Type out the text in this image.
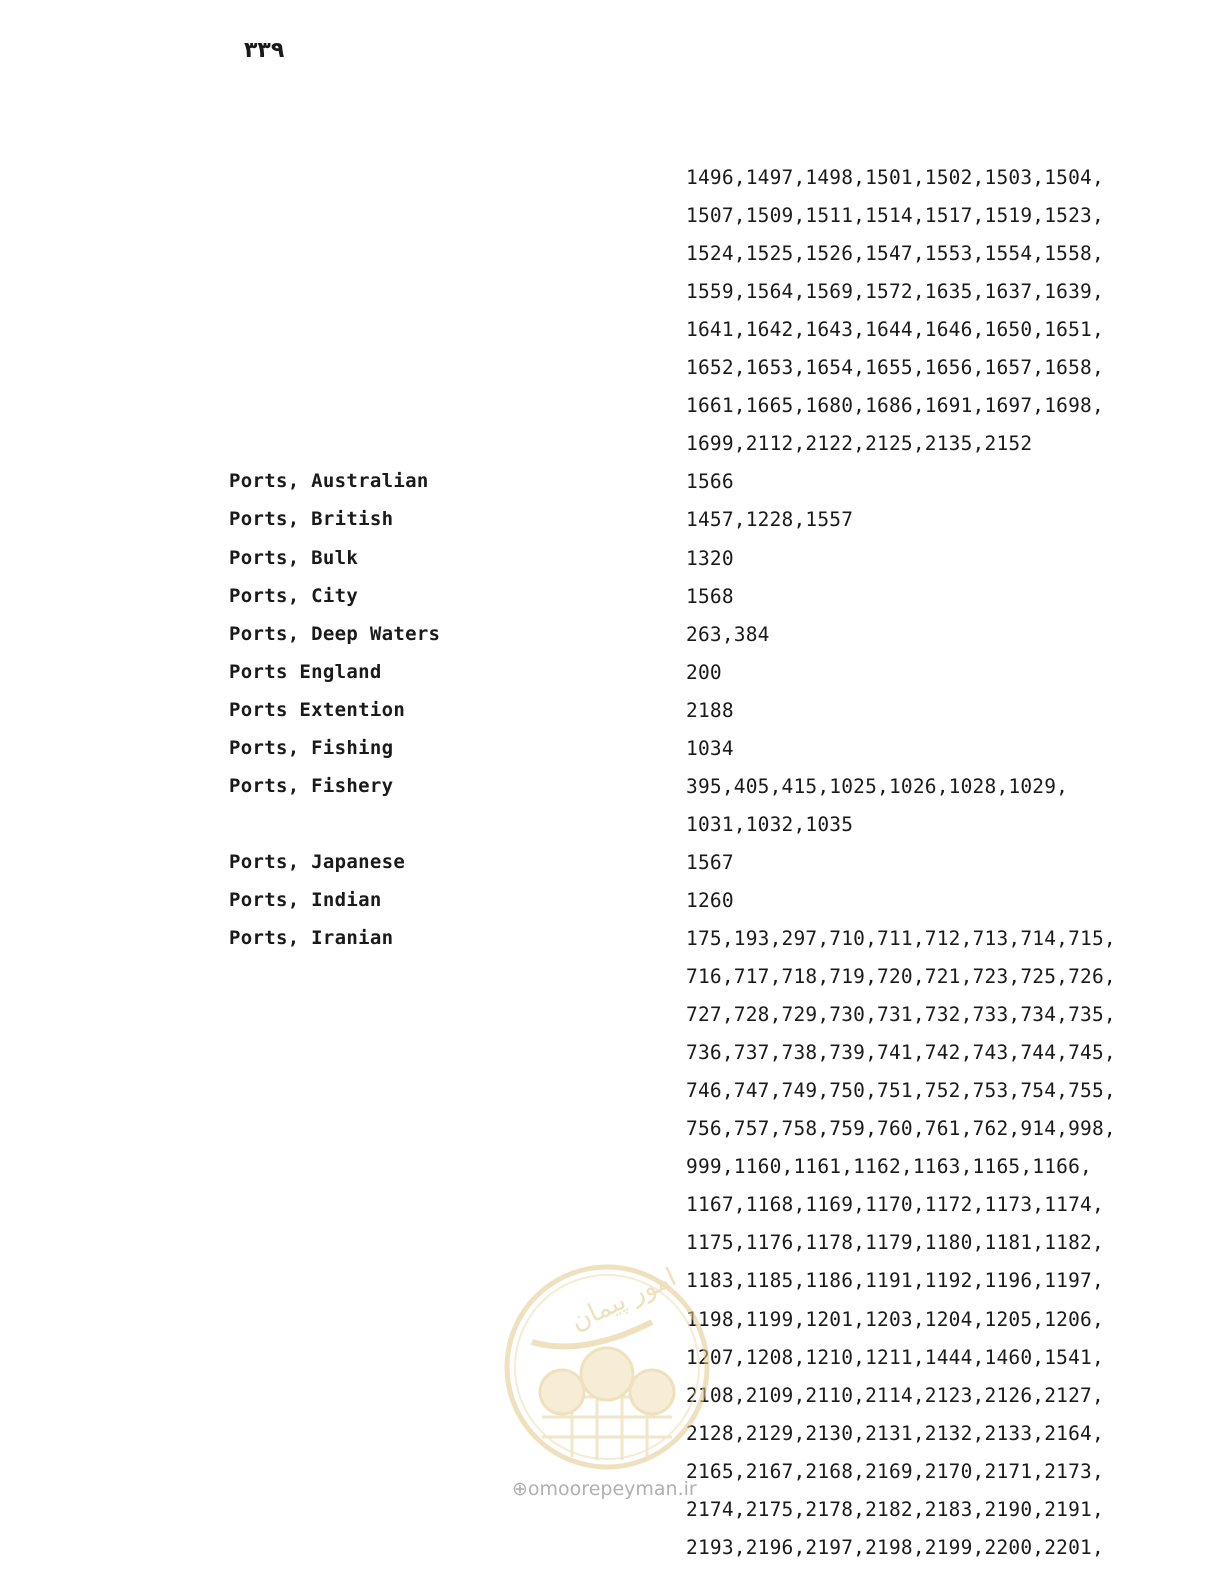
۳۳۹
1496,1497,1498,1501,1502,1503,1504,
1507,1509,1511,1514,1517,1519,1523,
1524,1525,1526,1547,1553,1554,1558,
1559,1564,1569,1572,1635,1637,1639,
1641,1642,1643,1644,1646,1650,1651,
1652,1653,1654,1655,1656,1657,1658,
1661,1665,1680,1686,1691,1697,1698,
1699,2112,2122,2125,2135,2152
Ports, Australian	1566
Ports, British	1457,1228,1557
Ports, Bulk	1320
Ports, City	1568
Ports, Deep Waters	263,384
Ports England	200
Ports Extention	2188
Ports, Fishing	1034
Ports, Fishery	395,405,415,1025,1026,1028,1029,
1031,1032,1035
Ports, Japanese	1567
Ports, Indian	1260
Ports, Iranian	175,193,297,710,711,712,713,714,715,
716,717,718,719,720,721,723,725,726,
727,728,729,730,731,732,733,734,735,
736,737,738,739,741,742,743,744,745,
746,747,749,750,751,752,753,754,755,
756,757,758,759,760,761,762,914,998,
999,1160,1161,1162,1163,1165,1166,
1167,1168,1169,1170,1172,1173,1174,
1175,1176,1178,1179,1180,1181,1182,
1183,1185,1186,1191,1192,1196,1197,
1198,1199,1201,1203,1204,1205,1206,
1207,1208,1210,1211,1444,1460,1541,
2108,2109,2110,2114,2123,2126,2127,
2128,2129,2130,2131,2132,2133,2164,
2165,2167,2168,2169,2170,2171,2173,
2174,2175,2178,2182,2183,2190,2191,
2193,2196,2197,2198,2199,2200,2201,
امور پیمان
⊕omoorepeyman.ir
